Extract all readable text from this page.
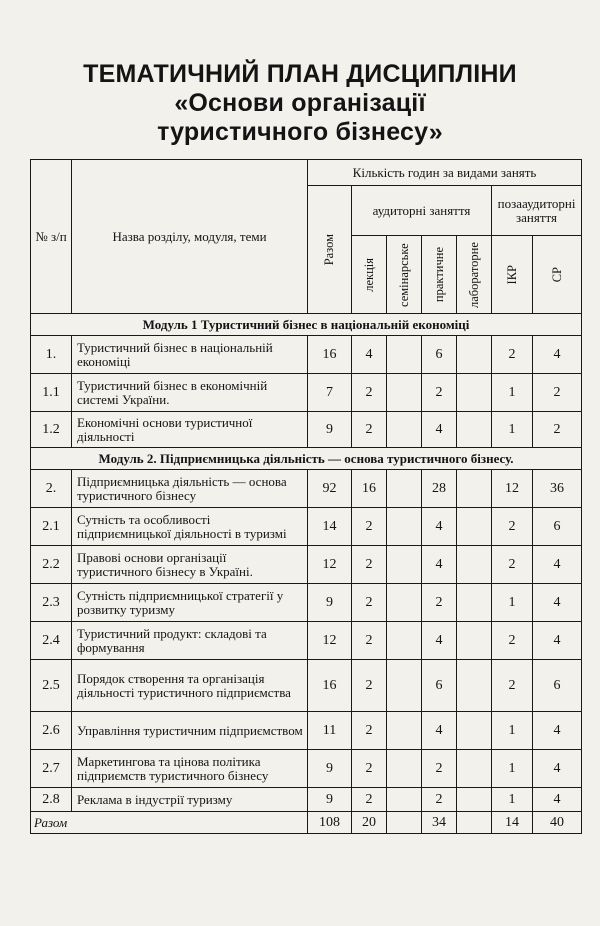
ТЕМАТИЧНИЙ ПЛАН ДИСЦИПЛІНИ
«Основи організації
туристичного бізнесу»
№ з/п	Назва розділу, модуля, теми	Кількість годин за видами занять						

		Разом	аудиторні заняття				позааудиторні заняття	

			лекція	семінарське	практичне	лабораторне	ІКР	СР

Модуль 1 Туристичний бізнес в національній економіці								
1.	Туристичний бізнес в національній економіці	16	4		6		2	4
1.1	Туристичний бізнес в економічній системі України.	7	2		2		1	2
1.2	Економічні основи туристичної діяльності	9	2		4		1	2
Модуль 2. Підприємницька діяльність — основа туристичного бізнесу.								
2.	Підприємницька діяльність — основа туристичного бізнесу	92	16		28		12	36
2.1	Сутність та особливості підприємницької діяльності в туризмі	14	2		4		2	6
2.2	Правові основи організації туристичного бізнесу в Україні.	12	2		4		2	4
2.3	Сутність підприємницької стратегії у розвитку туризму	9	2		2		1	4
2.4	Туристичний продукт: складові та формування	12	2		4		2	4
2.5	Порядок створення та організація діяльності туристичного підприємства	16	2		6		2	6
2.6	Управління туристичним підприємством	11	2		4		1	4
2.7	Маркетингова та цінова політика підприємств туристичного бізнесу	9	2		2		1	4
2.8	Реклама в індустрії туризму	9	2		2		1	4
Разом		108	20		34		14	40
